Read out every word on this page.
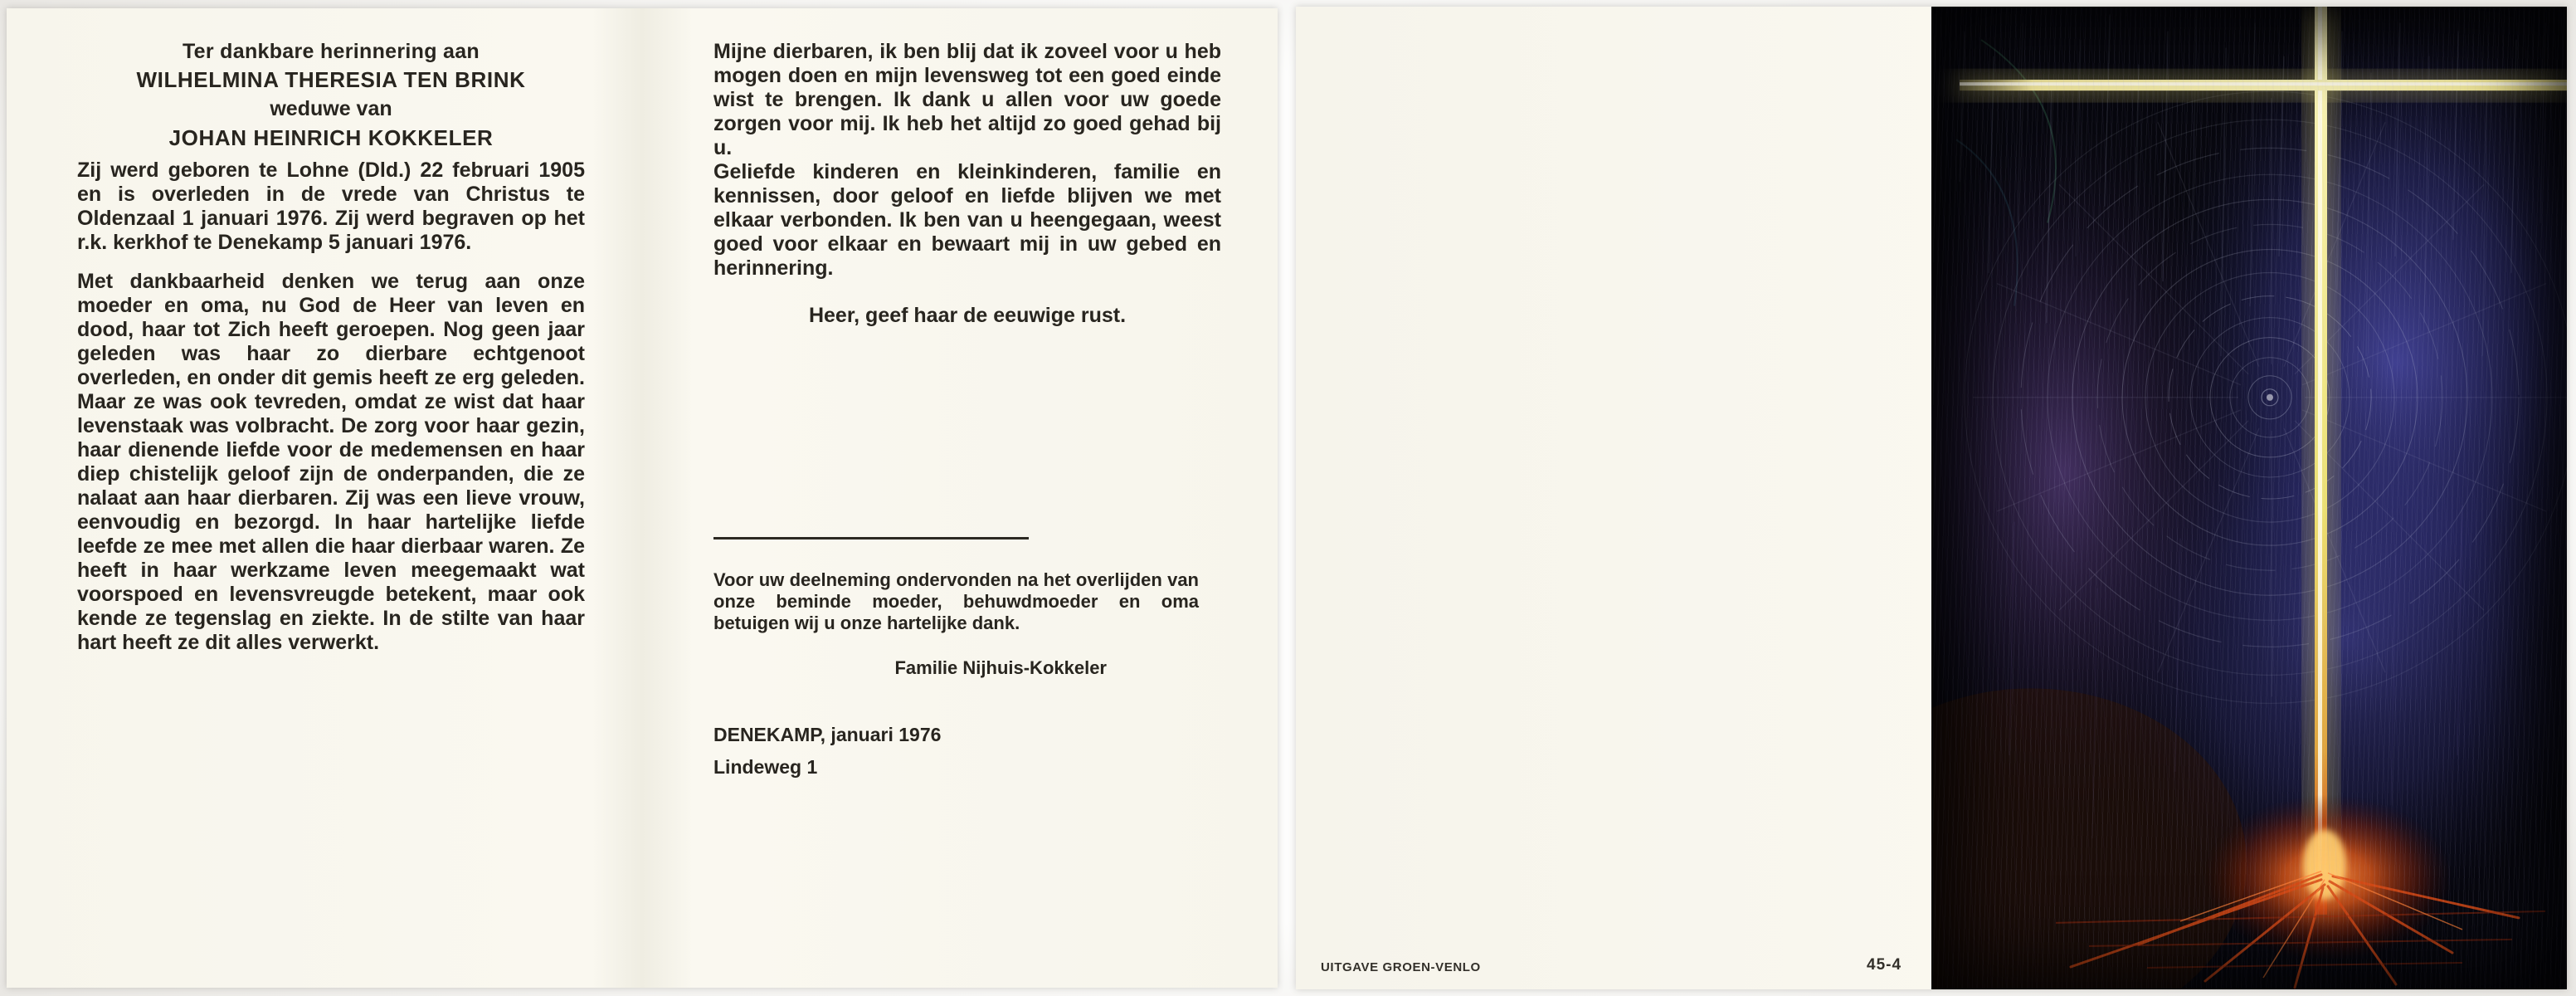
Ter dankbare herinnering aan
WILHELMINA THERESIA TEN BRINK
weduwe van
JOHAN HEINRICH KOKKELER

Zij werd geboren te Lohne (Dld.) 22 februari 1905 en is overleden in de vrede van Christus te Oldenzaal 1 januari 1976. Zij werd begraven op het r.k. kerkhof te Denekamp 5 januari 1976.

Met dankbaarheid denken we terug aan onze moeder en oma, nu God de Heer van leven en dood, haar tot Zich heeft geroepen. Nog geen jaar geleden was haar zo dierbare echtgenoot overleden, en onder dit gemis heeft ze erg geleden. Maar ze was ook tevreden, omdat ze wist dat haar levenstaak was volbracht. De zorg voor haar gezin, haar dienende liefde voor de medemensen en haar diep chistelijk geloof zijn de onderpanden, die ze nalaat aan haar dierbaren. Zij was een lieve vrouw, eenvoudig en bezorgd. In haar hartelijke liefde leefde ze mee met allen die haar dierbaar waren. Ze heeft in haar werkzame leven meegemaakt wat voorspoed en levensvreugde betekent, maar ook kende ze tegenslag en ziekte. In de stilte van haar hart heeft ze dit alles verwerkt.

Mijne dierbaren, ik ben blij dat ik zoveel voor u heb mogen doen en mijn levensweg tot een goed einde wist te brengen. Ik dank u allen voor uw goede zorgen voor mij. Ik heb het altijd zo goed gehad bij u.

Geliefde kinderen en kleinkinderen, familie en kennissen, door geloof en liefde blijven we met elkaar verbonden. Ik ben van u heengegaan, weest goed voor elkaar en bewaart mij in uw gebed en herinnering.

Heer, geef haar de eeuwige rust.

Voor uw deelneming ondervonden na het overlijden van onze beminde moeder, behuwdmoeder en oma betuigen wij u onze hartelijke dank.

Familie Nijhuis-Kokkeler
DENEKAMP, januari 1976
Lindeweg 1
UITGAVE GROEN-VENLO	45-4
